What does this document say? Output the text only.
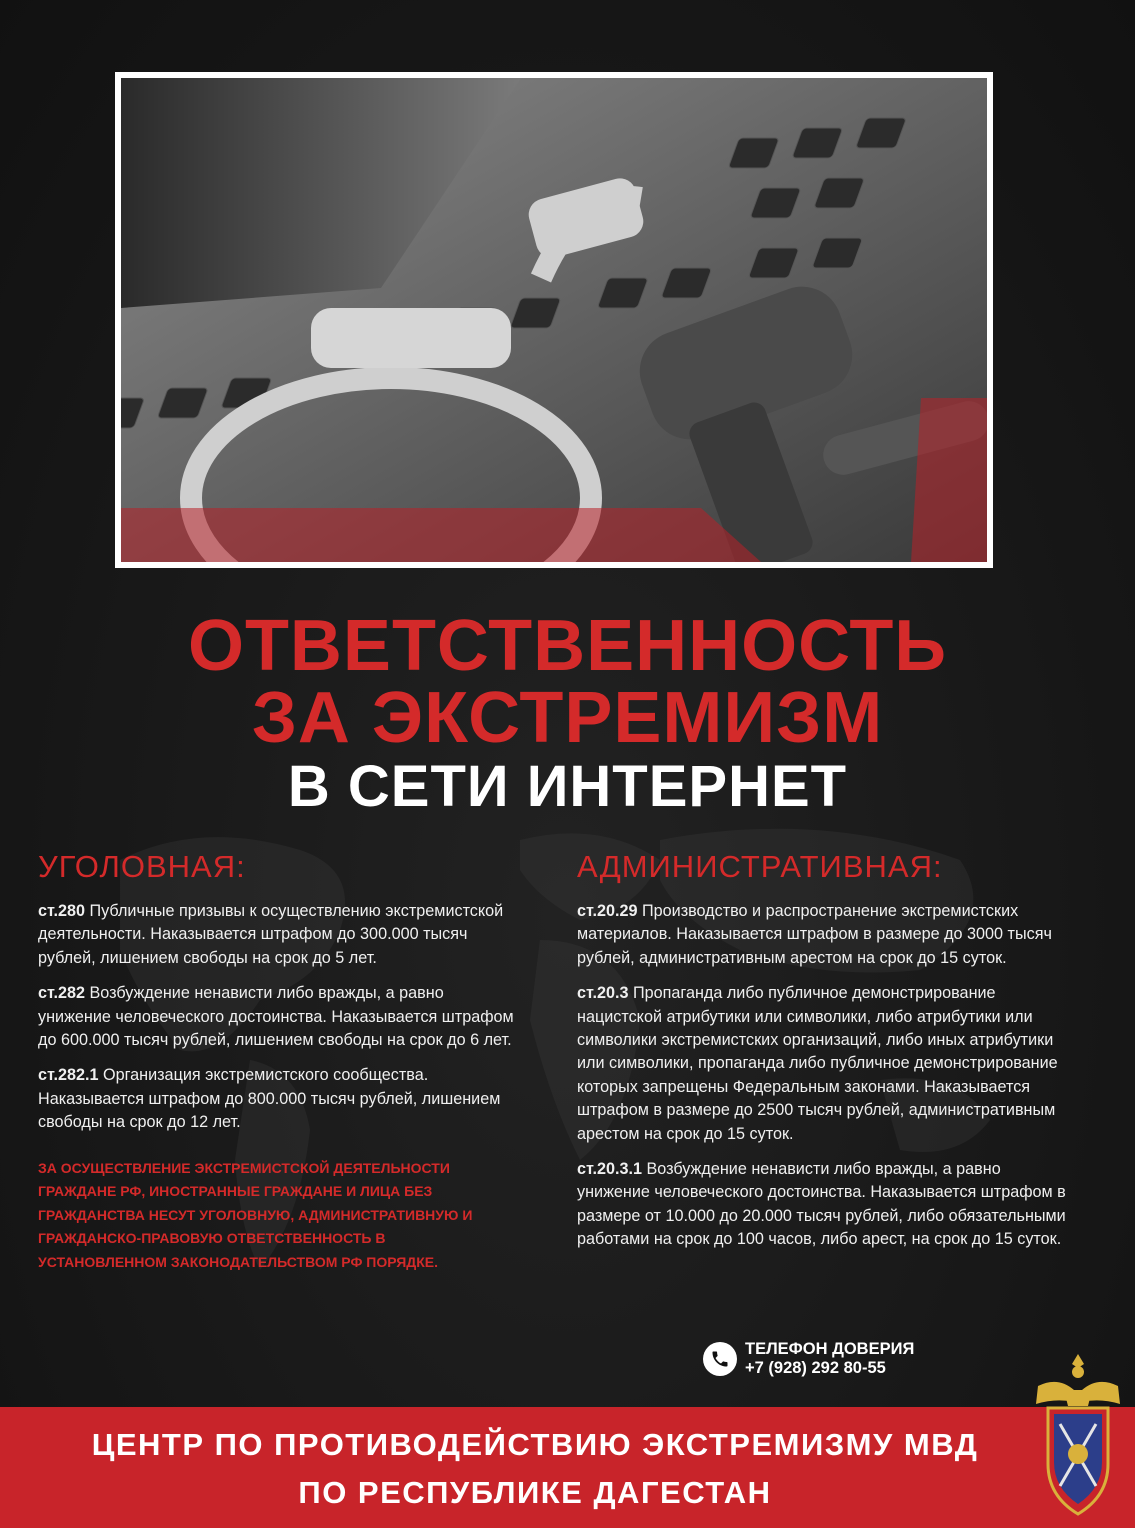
ОТВЕТСТВЕННОСТЬ
ЗА ЭКСТРЕМИЗМ
В СЕТИ ИНТЕРНЕТ
УГОЛОВНАЯ:
ст.280 Публичные призывы к осуществлению экстремистской деятельности. Наказывается штрафом до 300.000 тысяч рублей, лишением свободы на срок до 5 лет.
ст.282 Возбуждение ненависти либо вражды, а равно унижение человеческого достоинства. Наказывается штрафом до 600.000 тысяч рублей, лишением свободы на срок до 6 лет.
ст.282.1 Организация экстремистского сообщества. Наказывается штрафом до 800.000 тысяч рублей, лишением свободы на срок до 12 лет.
ЗА ОСУЩЕСТВЛЕНИЕ ЭКСТРЕМИСТСКОЙ ДЕЯТЕЛЬНОСТИ ГРАЖДАНЕ РФ, ИНОСТРАННЫЕ ГРАЖДАНЕ И ЛИЦА БЕЗ ГРАЖДАНСТВА НЕСУТ УГОЛОВНУЮ, АДМИНИСТРАТИВНУЮ И ГРАЖДАНСКО-ПРАВОВУЮ ОТВЕТСТВЕННОСТЬ В УСТАНОВЛЕННОМ ЗАКОНОДАТЕЛЬСТВОМ РФ ПОРЯДКЕ.
АДМИНИСТРАТИВНАЯ:
ст.20.29 Производство и распространение экстремистских материалов. Наказывается штрафом в размере до 3000 тысяч рублей, административным арестом на срок до 15 суток.
ст.20.3 Пропаганда либо публичное демонстрирование нацистской атрибутики или символики, либо атрибутики или символики экстремистских организаций, либо иных атрибутики или символики, пропаганда либо публичное демонстрирование которых запрещены Федеральным законами. Наказывается штрафом в размере до 2500 тысяч рублей, административным арестом на срок до 15 суток.
ст.20.3.1 Возбуждение ненависти либо вражды, а равно унижение человеческого достоинства. Наказывается штрафом в размере от 10.000 до 20.000 тысяч рублей, либо обязательными работами на срок до 100 часов, либо арест, на срок до 15 суток.
ТЕЛЕФОН ДОВЕРИЯ
+7 (928) 292 80-55
ЦЕНТР ПО ПРОТИВОДЕЙСТВИЮ ЭКСТРЕМИЗМУ МВД
ПО РЕСПУБЛИКЕ ДАГЕСТАН
